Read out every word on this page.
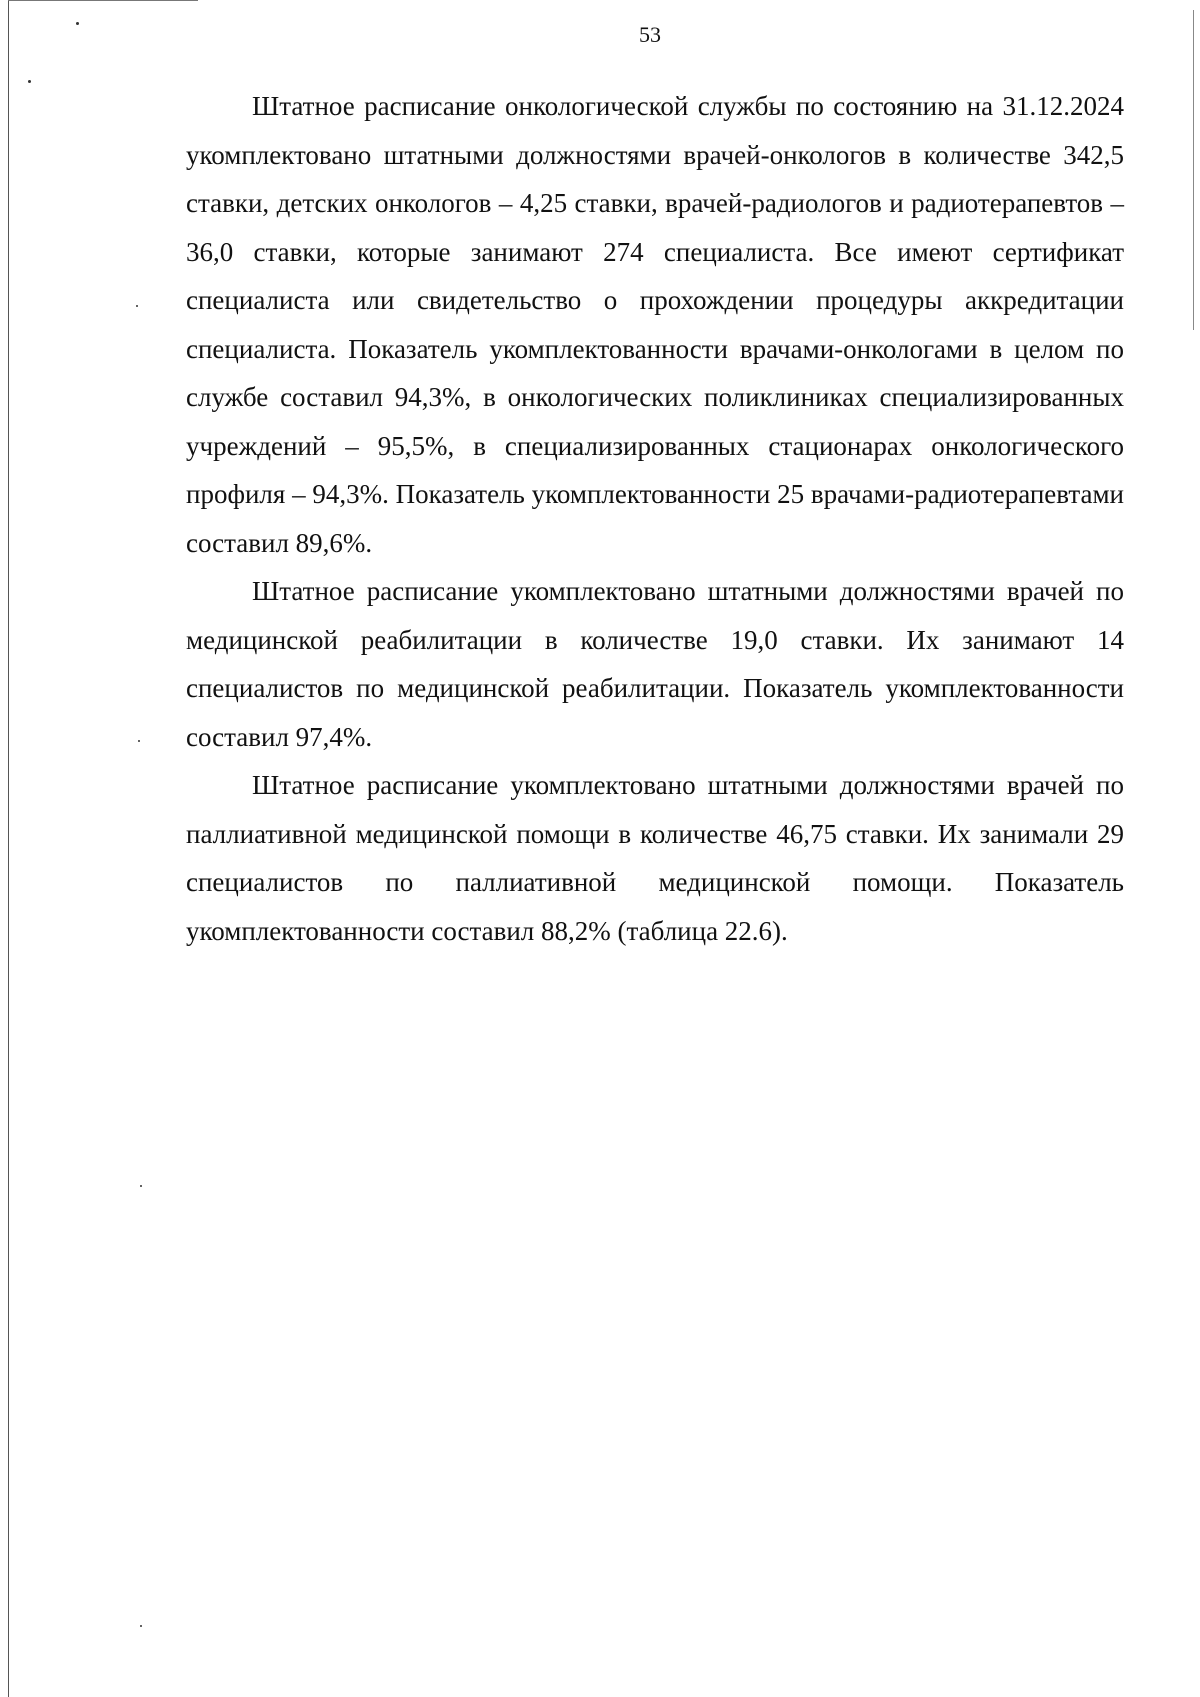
53

Штатное расписание онкологической службы по состоянию на 31.12.2024 укомплектовано штатными должностями врачей-онкологов в количестве 342,5 ставки, детских онкологов – 4,25 ставки, врачей-радиологов и радиотерапевтов – 36,0 ставки, которые занимают 274 специалиста. Все имеют сертификат специалиста или свидетельство о прохождении процедуры аккредитации специалиста. Показатель укомплектованности врачами-онкологами в целом по службе составил 94,3%, в онкологических поликлиниках специализированных учреждений – 95,5%, в специализированных стационарах онкологического профиля – 94,3%. Показатель укомплектованности 25 врачами-радиотерапевтами составил 89,6%.

Штатное расписание укомплектовано штатными должностями врачей по медицинской реабилитации в количестве 19,0 ставки. Их занимают 14 специалистов по медицинской реабилитации. Показатель укомплектованности составил 97,4%.

Штатное расписание укомплектовано штатными должностями врачей по паллиативной медицинской помощи в количестве 46,75 ставки. Их занимали 29 специалистов по паллиативной медицинской помощи. Показатель укомплектованности составил 88,2% (таблица 22.6).
